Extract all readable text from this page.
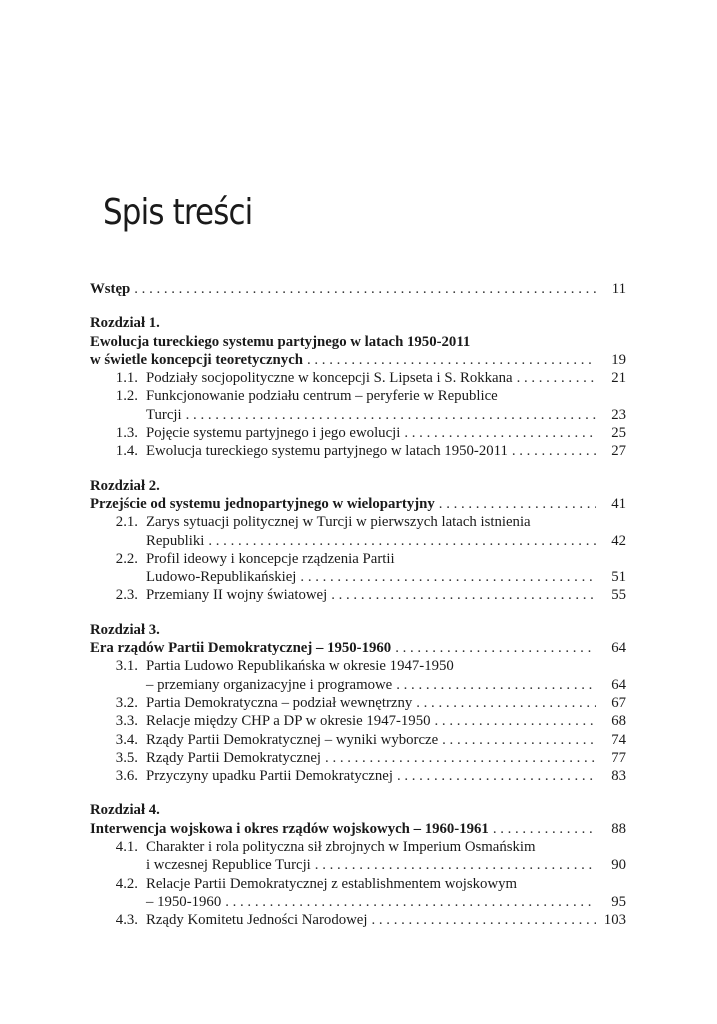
Spis treści
Wstęp . . .	11
Rozdział 1.
Ewolucja tureckiego systemu partyjnego w latach 1950-2011
w świetle koncepcji teoretycznych . . .	19
1.1. Podziały socjopolityczne w koncepcji S. Lipseta i S. Rokkana . . .	21
1.2. Funkcjonowanie podziału centrum – peryferie w Republice
Turcji . . .	23
1.3. Pojęcie systemu partyjnego i jego ewolucji . . .	25
1.4. Ewolucja tureckiego systemu partyjnego w latach 1950-2011 . . .	27
Rozdział 2.
Przejście od systemu jednopartyjnego w wielopartyjny . . .	41
2.1. Zarys sytuacji politycznej w Turcji w pierwszych latach istnienia
Republiki . . .	42
2.2. Profil ideowy i koncepcje rządzenia Partii
Ludowo-Republikańskiej . . .	51
2.3. Przemiany II wojny światowej . . .	55
Rozdział 3.
Era rządów Partii Demokratycznej – 1950-1960 . . .	64
3.1. Partia Ludowo Republikańska w okresie 1947-1950
– przemiany organizacyjne i programowe . . .	64
3.2. Partia Demokratyczna – podział wewnętrzny . . .	67
3.3. Relacje między CHP a DP w okresie 1947-1950 . . .	68
3.4. Rządy Partii Demokratycznej – wyniki wyborcze . . .	74
3.5. Rządy Partii Demokratycznej . . .	77
3.6. Przyczyny upadku Partii Demokratycznej . . .	83
Rozdział 4.
Interwencja wojskowa i okres rządów wojskowych – 1960-1961 . . .	88
4.1. Charakter i rola polityczna sił zbrojnych w Imperium Osmańskim
i wczesnej Republice Turcji . . .	90
4.2. Relacje Partii Demokratycznej z establishmentem wojskowym
– 1950-1960 . . .	95
4.3. Rządy Komitetu Jedności Narodowej . . .	103
